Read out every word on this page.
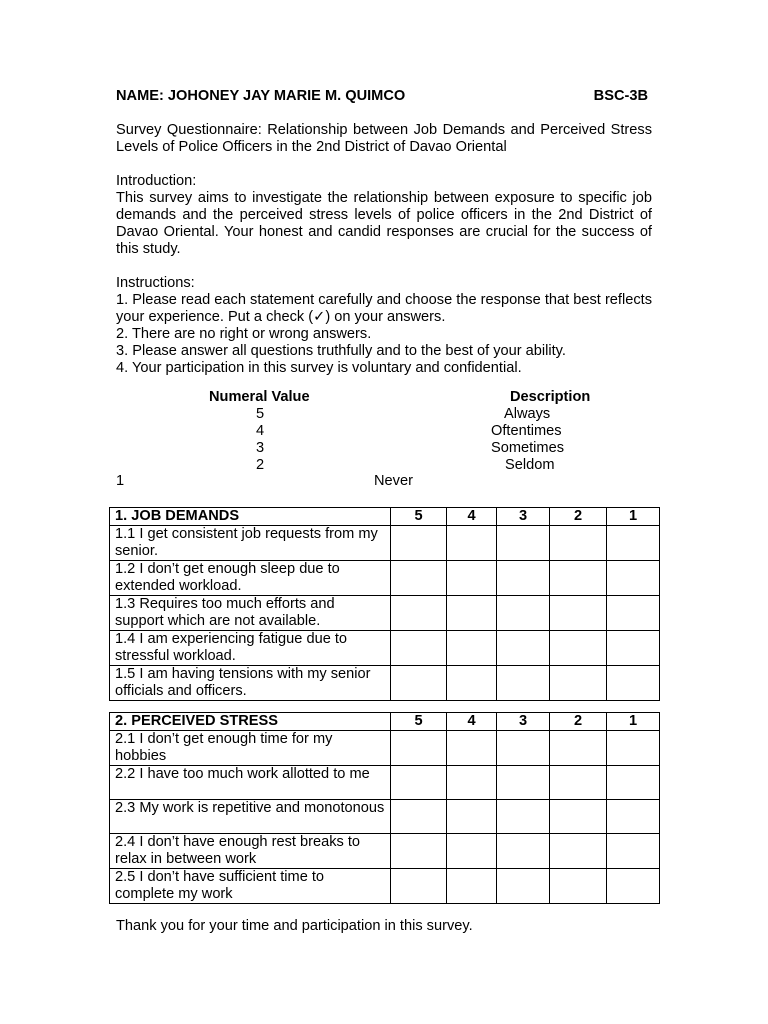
NAME: JOHONEY JAY MARIE M. QUIMCO	BSC-3B

Survey Questionnaire: Relationship between Job Demands and Perceived Stress Levels of Police Officers in the 2nd District of Davao Oriental

Introduction:

This survey aims to investigate the relationship between exposure to specific job demands and the perceived stress levels of police officers in the 2nd District of Davao Oriental. Your honest and candid responses are crucial for the success of this study.

Instructions:

1. Please read each statement carefully and choose the response that best reflects your experience. Put a check (✓) on your answers.

2. There are no right or wrong answers.

3. Please answer all questions truthfully and to the best of your ability.

4. Your participation in this survey is voluntary and confidential.

Numeral Value	Description
5	Always
4	Oftentimes
3	Sometimes
2	Seldom
1	Never
1. JOB DEMANDS	5	4	3	2	1
1.1 I get consistent job requests from my senior.					
1.2 I don’t get enough sleep due to extended workload.					
1.3 Requires too much efforts and support which are not available.					
1.4 I am experiencing fatigue due to stressful workload.					
1.5 I am having tensions with my senior officials and officers.					
2. PERCEIVED STRESS	5	4	3	2	1
2.1 I don’t get enough time for my hobbies					
2.2 I have too much work allotted to me					
2.3 My work is repetitive and monotonous					
2.4 I don’t have enough rest breaks to relax in between work					
2.5 I don’t have sufficient time to complete my work					
Thank you for your time and participation in this survey.
